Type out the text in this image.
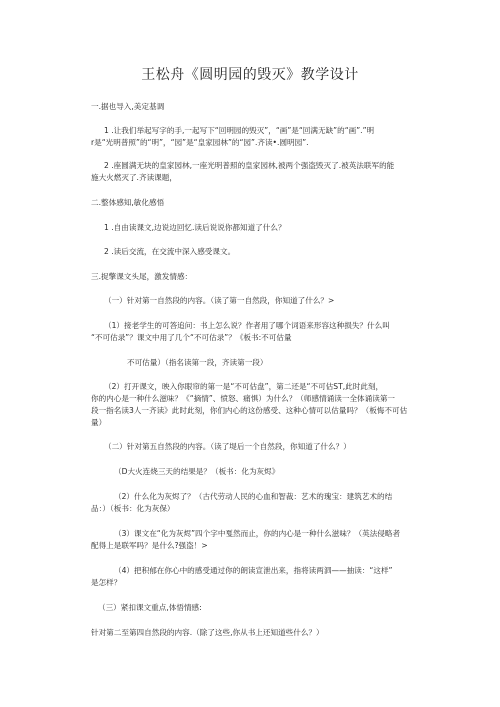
王松舟《圆明园的毁灭》教学设计
一.据也导入,美定基调
1 .让我们举起写字的手,一起写下“回明园的毁灭”，“画”是“回满无缺”的“画”.”明
r是“光明普照”的“明”，“园”是“皇家园林”的“园”.齐读•.圆明园”.
2 .座圆满无块的皇家园林,一座光明普照的皇家园林,被两个强盗毁灭了.被英法联军的能
施大火燃灭了.齐读课题，
二.整体感知,敏化感悟
1 .自由读课文,边说边回忆.读后说说你都知道了什么？
2 .读后交流，在交流中深入感受课文。
三.捉擎课文头尾，激发情感：
（一）针对第一自然段的内容。（读了第一自然段，你知道了什么？>
（1）接老学生的可答追问：书上怎么说？作者用了哪个词语来形容这种损失？什么叫
“不可估录”？课文中用了几个“不可估录”？《板书:不可估量
不可估量）（指名读第一段，齐读第一段）
（2）打开课文，映入你眼帘的第一是“不可估盘”，第二还是“不可估ST,此时此刻，
你的内心是一种什么滋味？《“摘情”、愤怒、痛惧）为什么？（师感情诵读一全体诵读第一
段一指名读3人一齐读》此时此刻，你们内心的这份感受、这种心情可以估量吗？（板悔不可估
量）
（二）针对第五自然段的内容。（读了堤后一个自然段，你知道了什么？）
（D大火连烧三天的结果是？（板书：化为灰烬》
（2）什么化为灰烬了？（古代劳动人民的心血和智裁：艺术的瑰宝：建筑艺术的结
品：）（板书：化为灰保）
（3）课文在“化为灰烬”四个字中戛然而止，你的内心是一种什么滋味？（英法侵略者
配得上是联军吗？是什么?强盗！>
（4）把积郁在你心中的感受通过你的朗读宣泄出来，指将读两泗——抽读：“这样”
是怎样？
（三）紧扣课文重点,体悟情感:
针对第二至第四自然段的内容.（除了这些,你从书上还知道些什么？）
